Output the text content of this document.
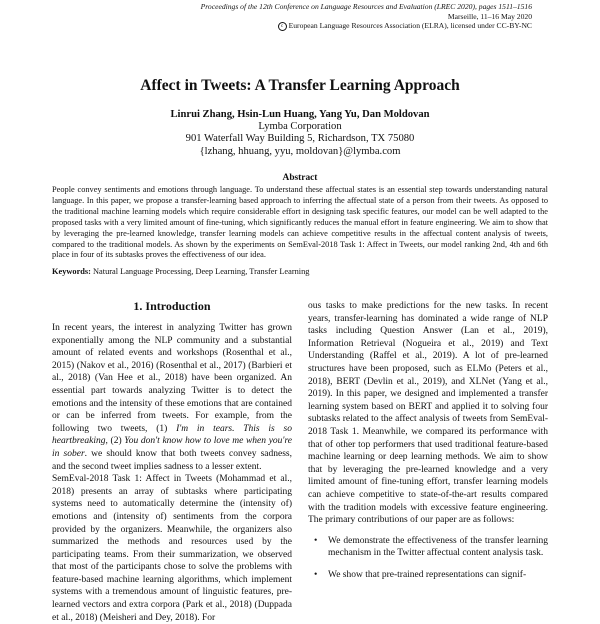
Proceedings of the 12th Conference on Language Resources and Evaluation (LREC 2020), pages 1511–1516
Marseille, 11–16 May 2020
c European Language Resources Association (ELRA), licensed under CC-BY-NC
Affect in Tweets: A Transfer Learning Approach
Linrui Zhang, Hsin-Lun Huang, Yang Yu, Dan Moldovan
Lymba Corporation
901 Waterfall Way Building 5, Richardson, TX 75080
{lzhang, hhuang, yyu, moldovan}@lymba.com
Abstract
People convey sentiments and emotions through language. To understand these affectual states is an essential step towards understanding natural language. In this paper, we propose a transfer-learning based approach to inferring the affectual state of a person from their tweets. As opposed to the traditional machine learning models which require considerable effort in designing task specific features, our model can be well adapted to the proposed tasks with a very limited amount of fine-tuning, which significantly reduces the manual effort in feature engineering. We aim to show that by leveraging the pre-learned knowledge, transfer learning models can achieve competitive results in the affectual content analysis of tweets, compared to the traditional models. As shown by the experiments on SemEval-2018 Task 1: Affect in Tweets, our model ranking 2nd, 4th and 6th place in four of its subtasks proves the effectiveness of our idea.
Keywords: Natural Language Processing, Deep Learning, Transfer Learning
1. Introduction

In recent years, the interest in analyzing Twitter has grown exponentially among the NLP community and a substantial amount of related events and workshops (Rosenthal et al., 2015) (Nakov et al., 2016) (Rosenthal et al., 2017) (Barbieri et al., 2018) (Van Hee et al., 2018) have been organized. An essential part towards analyzing Twitter is to detect the emotions and the intensity of these emotions that are contained or can be inferred from tweets. For example, from the following two tweets, (1) I'm in tears. This is so heartbreaking, (2) You don't know how to love me when you're in sober. we should know that both tweets convey sadness, and the second tweet implies sadness to a lesser extent.

SemEval-2018 Task 1: Affect in Tweets (Mohammad et al., 2018) presents an array of subtasks where participating systems need to automatically determine the (intensity of) emotions and (intensity of) sentiments from the corpora provided by the organizers. Meanwhile, the organizers also summarized the methods and resources used by the participating teams. From their summarization, we observed that most of the participants chose to solve the problems with feature-based machine learning algorithms, which implement systems with a tremendous amount of linguistic features, pre-learned vectors and extra corpora (Park et al., 2018) (Duppada et al., 2018) (Meisheri and Dey, 2018). For

ous tasks to make predictions for the new tasks. In recent years, transfer-learning has dominated a wide range of NLP tasks including Question Answer (Lan et al., 2019), Information Retrieval (Nogueira et al., 2019) and Text Understanding (Raffel et al., 2019). A lot of pre-learned structures have been proposed, such as ELMo (Peters et al., 2018), BERT (Devlin et al., 2019), and XLNet (Yang et al., 2019). In this paper, we designed and implemented a transfer learning system based on BERT and applied it to solving four subtasks related to the affect analysis of tweets from SemEval-2018 Task 1. Meanwhile, we compared its performance with that of other top performers that used traditional feature-based machine learning or deep learning methods. We aim to show that by leveraging the pre-learned knowledge and a very limited amount of fine-tuning effort, transfer learning models can achieve competitive to state-of-the-art results compared with the tradition models with excessive feature engineering. The primary contributions of our paper are as follows:

• We demonstrate the effectiveness of the transfer learning mechanism in the Twitter affectual content analysis task.
• We show that pre-trained representations can signif-
